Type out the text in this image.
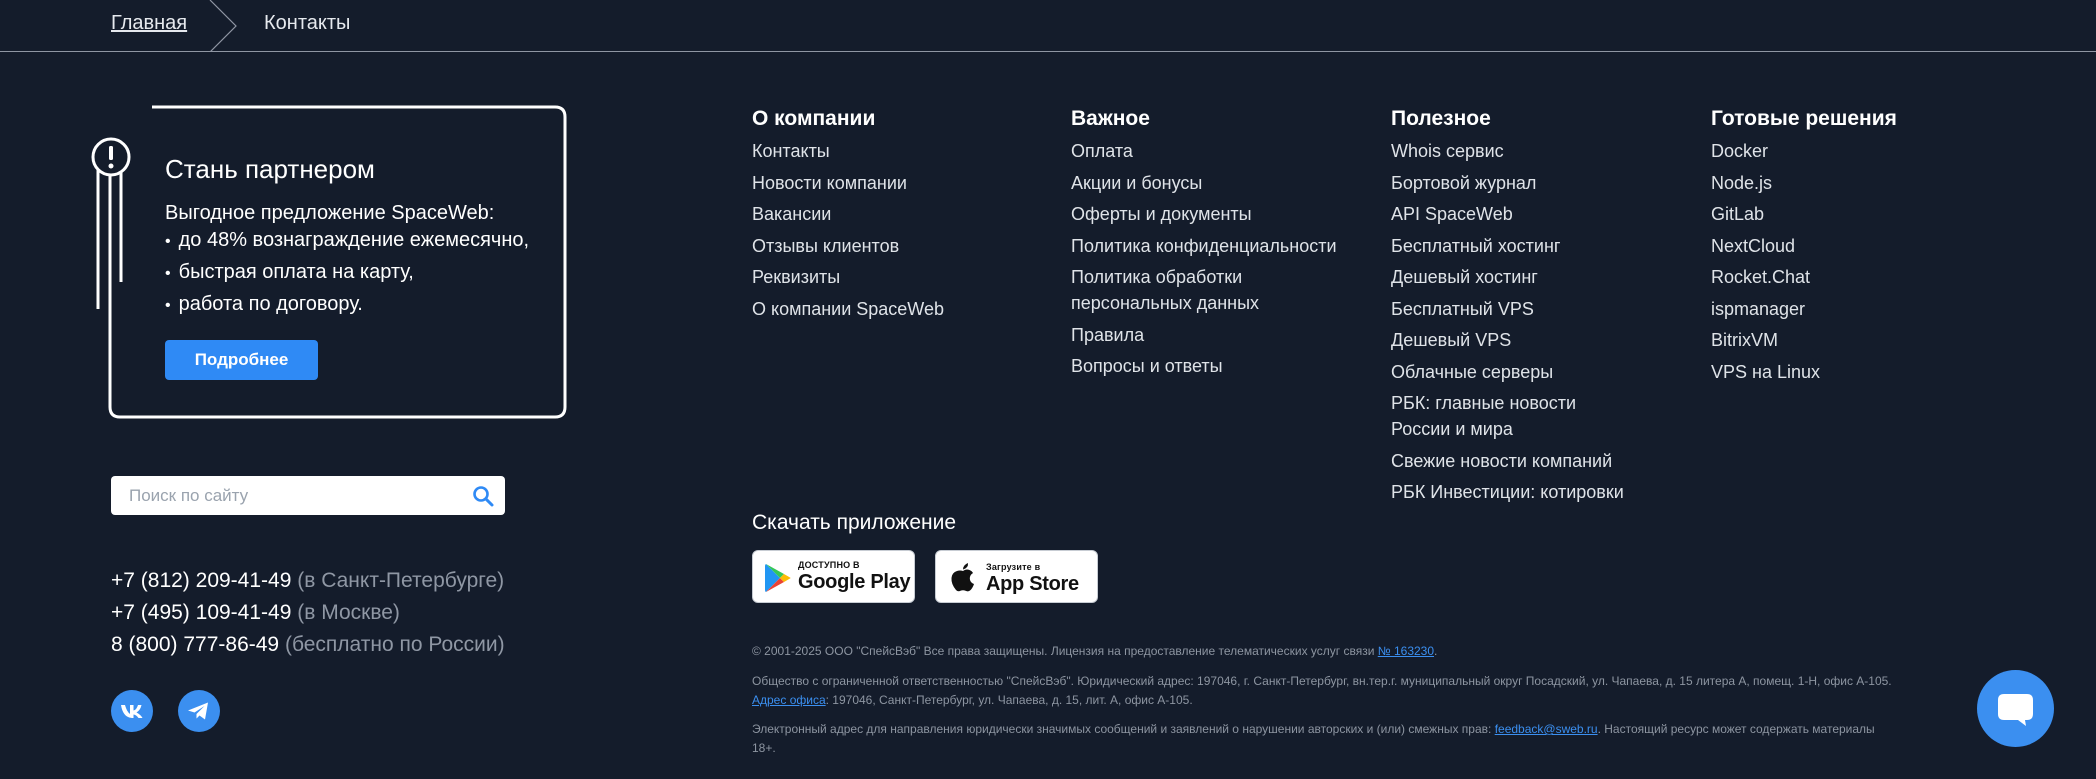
Главная	Контакты
Стань партнером
Выгодное предложение SpaceWeb:
• до 48% вознаграждение ежемесячно,
• быстрая оплата на карту,
• работа по договору.
Подробнее
Поиск по сайту
+7 (812) 209-41-49 (в Санкт-Петербурге)
+7 (495) 109-41-49 (в Москве)
8 (800) 777-86-49 (бесплатно по России)
О компании
Контакты
Новости компании
Вакансии
Отзывы клиентов
Реквизиты
О компании SpaceWeb
Важное
Оплата
Акции и бонусы
Оферты и документы
Политика конфиденциальности
Политика обработки персональных данных
Правила
Вопросы и ответы
Полезное
Whois сервис
Бортовой журнал
API SpaceWeb
Бесплатный хостинг
Дешевый хостинг
Бесплатный VPS
Дешевый VPS
Облачные серверы
РБК: главные новости России и мира
Свежие новости компаний
РБК Инвестиции: котировки
Готовые решения
Docker
Node.js
GitLab
NextCloud
Rocket.Chat
ispmanager
BitrixVM
VPS на Linux
Скачать приложение
ДОСТУПНО В
Google Play
Загрузите в
App Store
© 2001-2025 ООО "СпейсВэб" Все права защищены. Лицензия на предоставление телематических услуг связи № 163230.
Общество с ограниченной ответственностью "СпейсВэб". Юридический адрес: 197046, г. Санкт-Петербург, вн.тер.г. муниципальный округ Посадский, ул. Чапаева, д. 15 литера А, помещ. 1-Н, офис А-105.
Адрес офиса: 197046, Санкт-Петербург, ул. Чапаева, д. 15, лит. А, офис А-105.
Электронный адрес для направления юридически значимых сообщений и заявлений о нарушении авторских и (или) смежных прав: feedback@sweb.ru. Настоящий ресурс может содержать материалы
18+.
